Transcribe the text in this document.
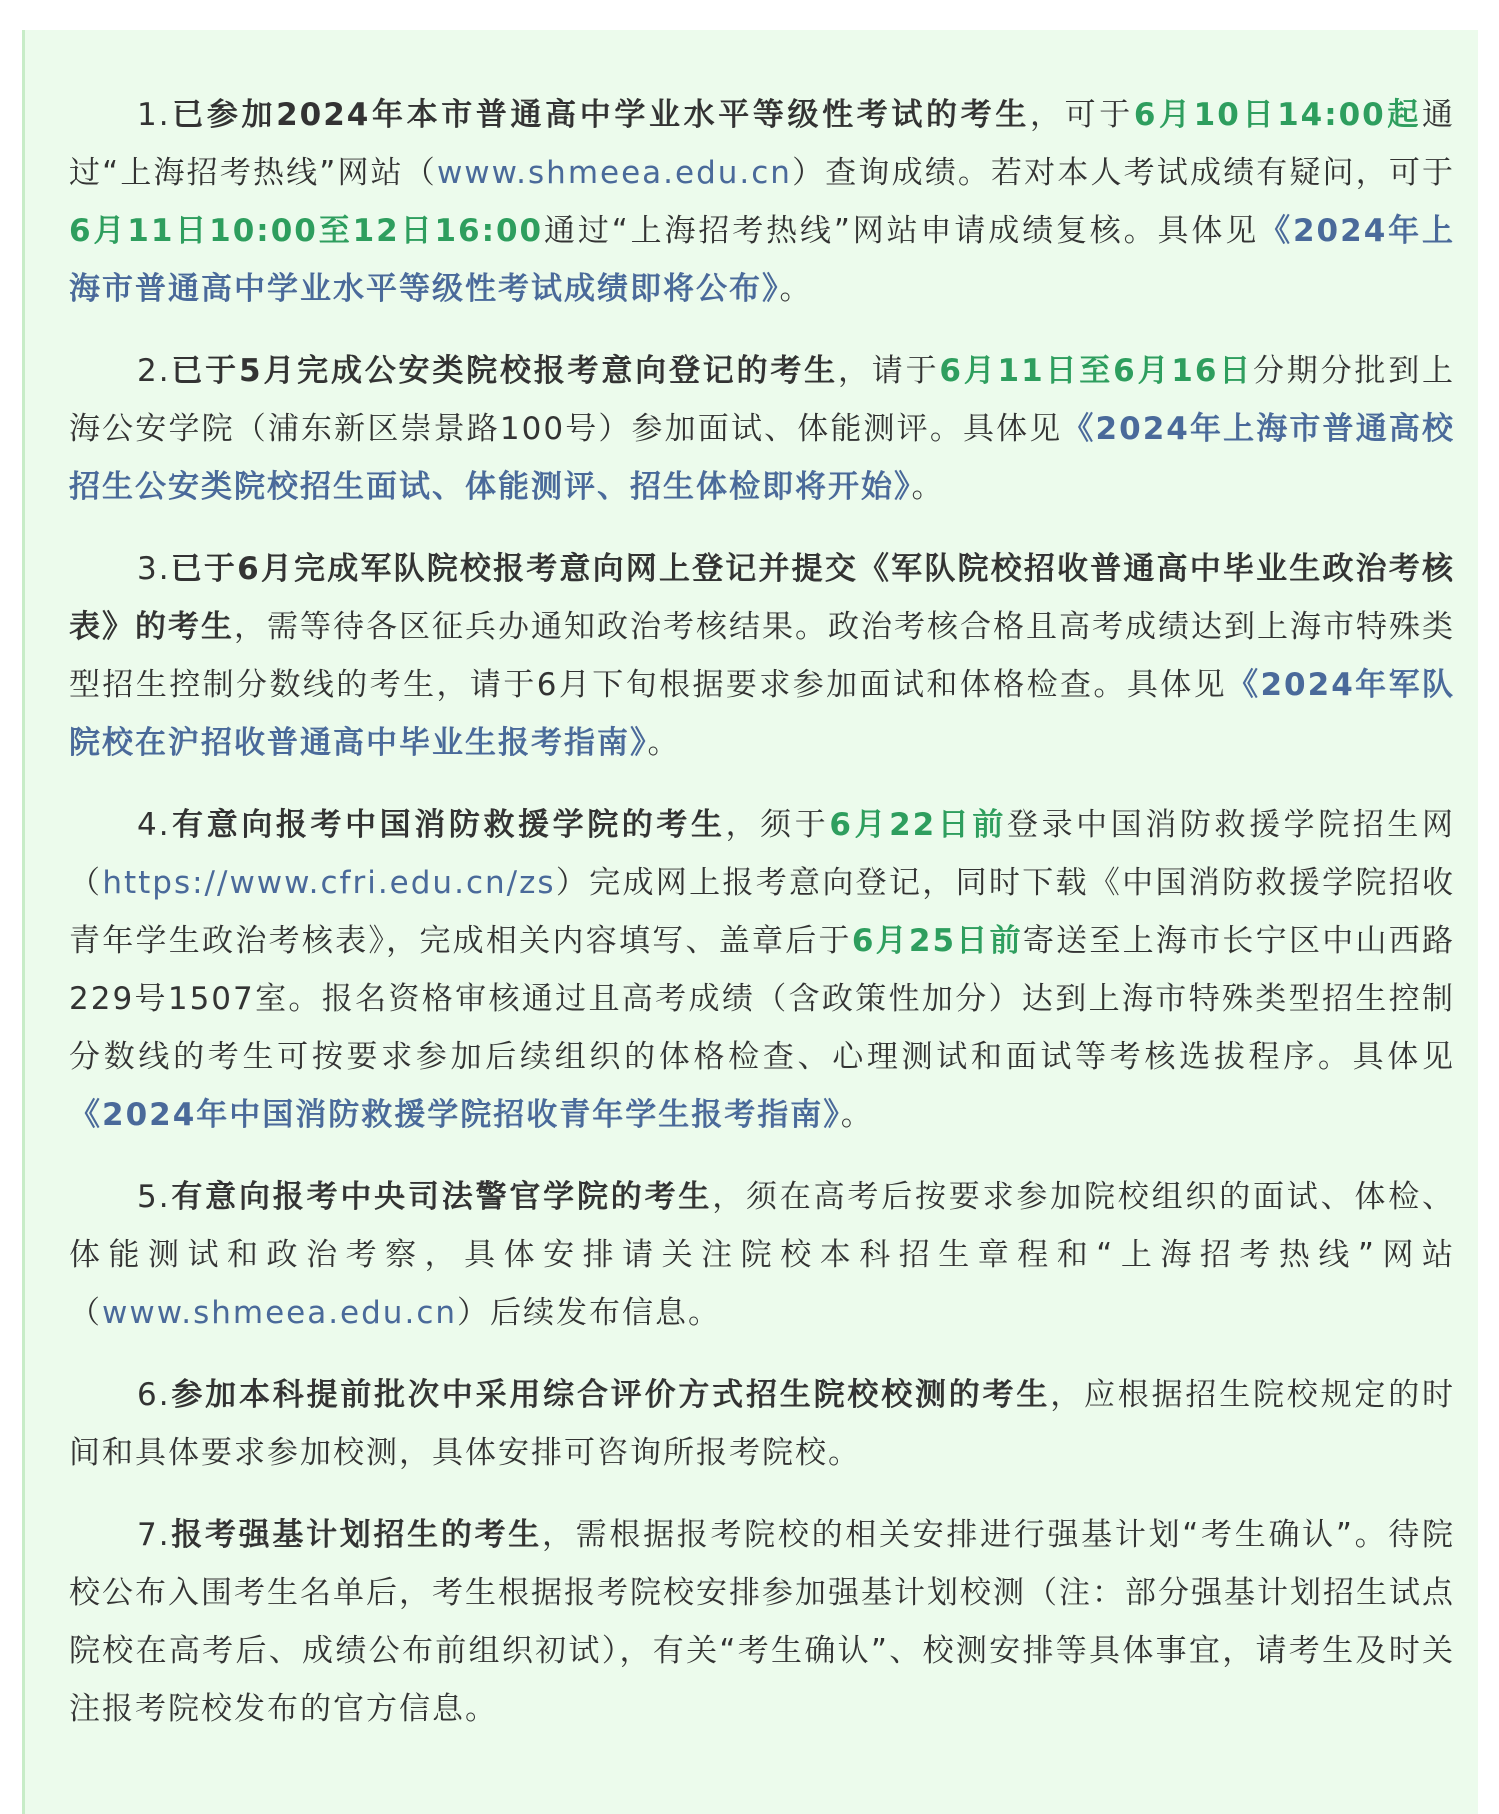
1.已参加2024年本市普通高中学业水平等级性考试的考生，可于6月10日14:00起通过“上海招考热线”网站（www.shmeea.edu.cn）查询成绩。若对本人考试成绩有疑问，可于6月11日10:00至12日16:00通过“上海招考热线”网站申请成绩复核。具体见《2024年上海市普通高中学业水平等级性考试成绩即将公布》。

2.已于5月完成公安类院校报考意向登记的考生，请于6月11日至6月16日分期分批到上海公安学院（浦东新区崇景路100号）参加面试、体能测评。具体见《2024年上海市普通高校招生公安类院校招生面试、体能测评、招生体检即将开始》。

3.已于6月完成军队院校报考意向网上登记并提交《军队院校招收普通高中毕业生政治考核表》的考生，需等待各区征兵办通知政治考核结果。政治考核合格且高考成绩达到上海市特殊类型招生控制分数线的考生，请于6月下旬根据要求参加面试和体格检查。具体见《2024年军队院校在沪招收普通高中毕业生报考指南》。

4.有意向报考中国消防救援学院的考生，须于6月22日前登录中国消防救援学院招生网（https://www.cfri.edu.cn/zs）完成网上报考意向登记，同时下载《中国消防救援学院招收青年学生政治考核表》，完成相关内容填写、盖章后于6月25日前寄送至上海市长宁区中山西路229号1507室。报名资格审核通过且高考成绩（含政策性加分）达到上海市特殊类型招生控制分数线的考生可按要求参加后续组织的体格检查、心理测试和面试等考核选拔程序。具体见《2024年中国消防救援学院招收青年学生报考指南》。

5.有意向报考中央司法警官学院的考生，须在高考后按要求参加院校组织的面试、体检、体能测试和政治考察，具体安排请关注院校本科招生章程和“上海招考热线”网站（www.shmeea.edu.cn）后续发布信息。

6.参加本科提前批次中采用综合评价方式招生院校校测的考生，应根据招生院校规定的时间和具体要求参加校测，具体安排可咨询所报考院校。

7.报考强基计划招生的考生，需根据报考院校的相关安排进行强基计划“考生确认”。待院校公布入围考生名单后，考生根据报考院校安排参加强基计划校测（注：部分强基计划招生试点院校在高考后、成绩公布前组织初试），有关“考生确认”、校测安排等具体事宜，请考生及时关注报考院校发布的官方信息。
